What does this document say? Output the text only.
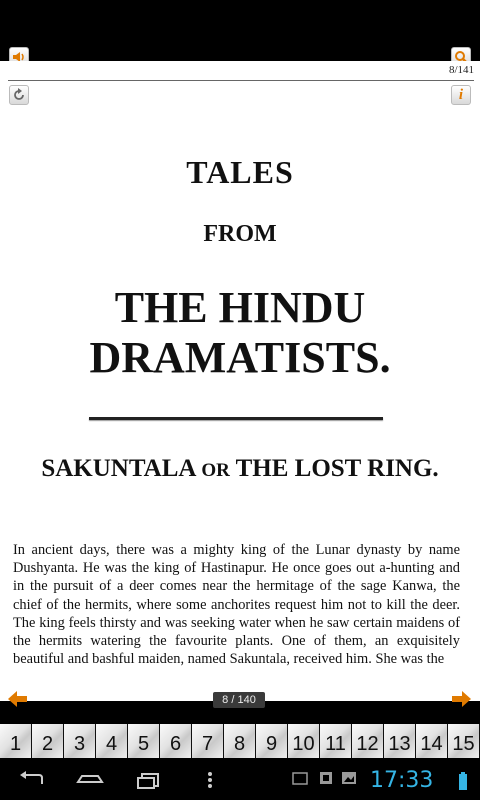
8/141
i
TALES
FROM
THE HINDU
DRAMATISTS.
SAKUNTALA OR THE LOST RING.
In ancient days, there was a mighty king of the Lunar dynasty by name Dushyanta. He was the king of Hastinapur. He once goes out a-hunting and in the pursuit of a deer comes near the hermitage of the sage Kanwa, the chief of the hermits, where some anchorites request him not to kill the deer. The king feels thirsty and was seeking water when he saw certain maidens of the hermits watering the favourite plants. One of them, an exquisitely beautiful and bashful maiden, named Sakuntala, received him. She was the
8 / 140
1	2	3	4	5	6	7	8	9 10 11 12 13 14 15
17:33
